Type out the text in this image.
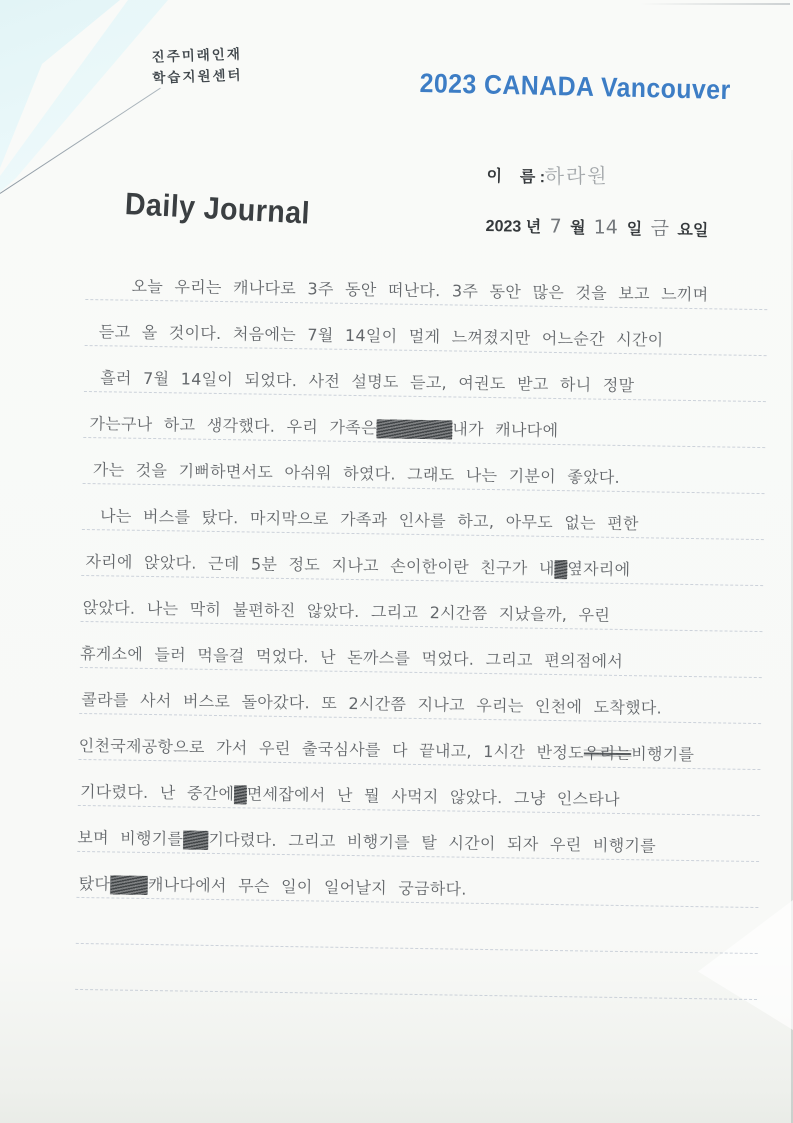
진주미래인재
학습지원센터	2023 CANADA Vancouver
이    름 :하라원
Daily Journal	2023 년 7 월 14 일 금 요일
오늘 우리는 캐나다로 3주 동안 떠난다. 3주 동안 많은 것을 보고 느끼며
듣고 올 것이다. 처음에는 7월 14일이 멀게 느껴졌지만 어느순간 시간이
흘러 7월 14일이 되었다. 사전 설명도 듣고, 여권도 받고 하니 정말
가는구나 하고 생각했다. 우리 가족은 ██████ 내가 캐나다에
가는 것을 기뻐하면서도 아쉬워 하였다. 그래도 나는 기분이 좋았다.
나는 버스를 탔다. 마지막으로 가족과 인사를 하고, 아무도 없는 편한
자리에 앉았다. 근데 5분 정도 지나고 손이한이란 친구가 내 █ 옆자리에
앉았다. 나는 막히 불편하진 않았다. 그리고 2시간쯤 지났을까, 우린
휴게소에 들러 먹을걸 먹었다. 난 돈까스를 먹었다. 그리고 편의점에서
콜라를 사서 버스로 돌아갔다. 또 2시간쯤 지나고 우리는 인천에 도착했다.
인천국제공항으로 가서 우린 출국심사를 다 끝내고, 1시간 반정도 우리는 비행기를
기다렸다. 난 중간에 █ 면세잡에서 난 뭘 사먹지 않았다. 그냥 인스타나
보며 비행기를 ██ 기다렸다. 그리고 비행기를 탈 시간이 되자 우린 비행기를
탔다 ███ 캐나다에서 무슨 일이 일어날지 궁금하다.
